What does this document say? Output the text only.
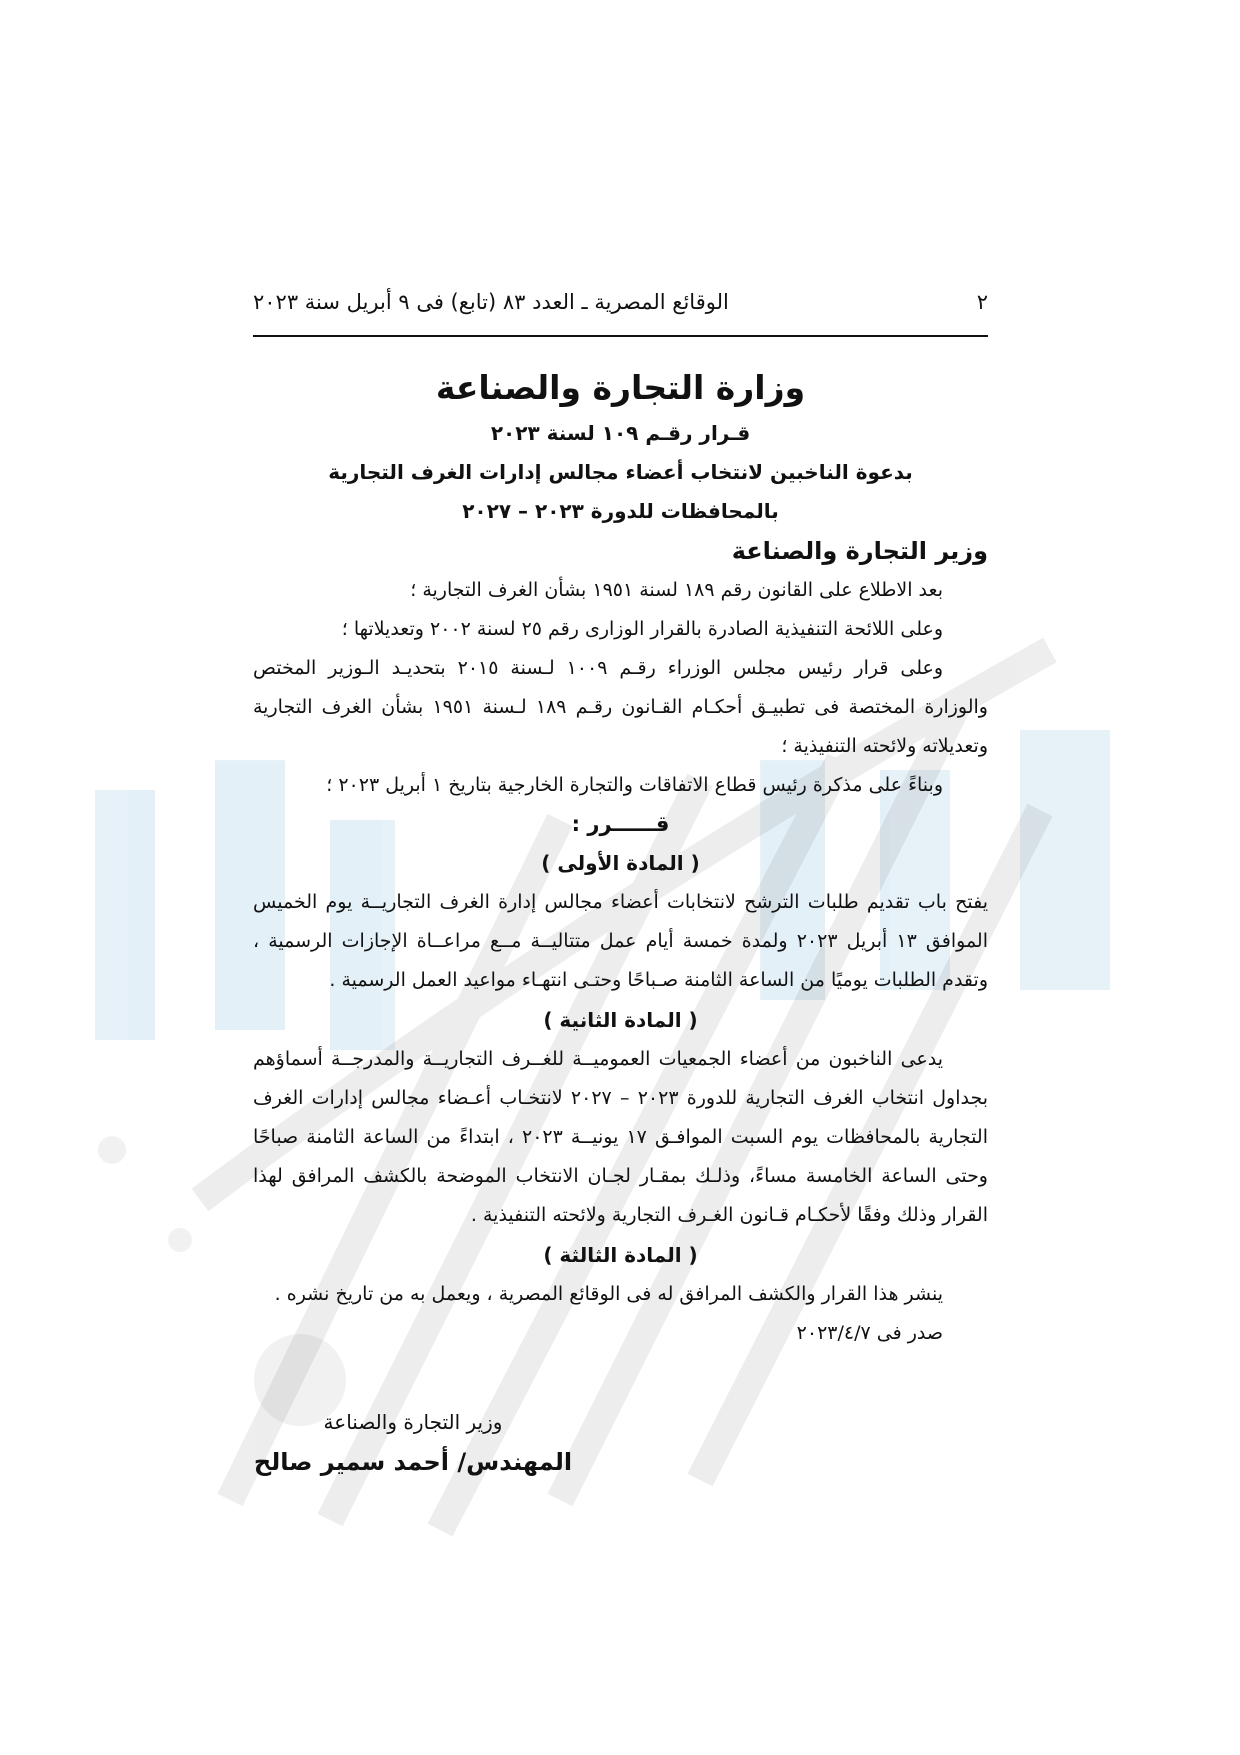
٢
الوقائع المصرية ـ العدد ٨٣ (تابع) فى ٩ أبريل سنة ٢٠٢٣

وزارة التجارة والصناعة

قـرار رقـم ١٠٩ لسنة ٢٠٢٣

بدعوة الناخبين لانتخاب أعضاء مجالس إدارات الغرف التجارية

بالمحافظات للدورة ٢٠٢٣ – ٢٠٢٧

وزير التجارة والصناعة

بعد الاطلاع على القانون رقم ١٨٩ لسنة ١٩٥١ بشأن الغرف التجارية ؛

وعلى اللائحة التنفيذية الصادرة بالقرار الوزارى رقم ٢٥ لسنة ٢٠٠٢ وتعديلاتها ؛

وعلى قرار رئيس مجلس الوزراء رقـم ١٠٠٩ لـسنة ٢٠١٥ بتحديـد الـوزير المختص والوزارة المختصة فى تطبيـق أحكـام القـانون رقـم ١٨٩ لـسنة ١٩٥١ بشأن الغرف التجارية وتعديلاته ولائحته التنفيذية ؛

وبناءً على مذكرة رئيس قطاع الاتفاقات والتجارة الخارجية بتاريخ ١ أبريل ٢٠٢٣ ؛

قــــــرر :

( المادة الأولى )

يفتح باب تقديم طلبات الترشح لانتخابات أعضاء مجالس إدارة الغرف التجاريــة يوم الخميس الموافق ١٣ أبريل ٢٠٢٣ ولمدة خمسة أيام عمل متتاليــة مــع مراعــاة الإجازات الرسمية ، وتقدم الطلبات يوميًا من الساعة الثامنة صـباحًا وحتـى انتهـاء مواعيد العمل الرسمية .

( المادة الثانية )

يدعى الناخبون من أعضاء الجمعيات العموميــة للغــرف التجاريــة والمدرجــة أسماؤهم بجداول انتخاب الغرف التجارية للدورة ٢٠٢٣ – ٢٠٢٧ لانتخـاب أعـضاء مجالس إدارات الغرف التجارية بالمحافظات يوم السبت الموافـق ١٧ يونيــة ٢٠٢٣ ، ابتداءً من الساعة الثامنة صباحًا وحتى الساعة الخامسة مساءً، وذلـك بمقـار لجـان الانتخاب الموضحة بالكشف المرافق لهذا القرار وذلك وفقًا لأحكـام قـانون الغـرف التجارية ولائحته التنفيذية .

( المادة الثالثة )

ينشر هذا القرار والكشف المرافق له فى الوقائع المصرية ، ويعمل به من تاريخ نشره .

صدر فى ٢٠٢٣/٤/٧

وزير التجارة والصناعة

المهندس/ أحمد سمير صالح
